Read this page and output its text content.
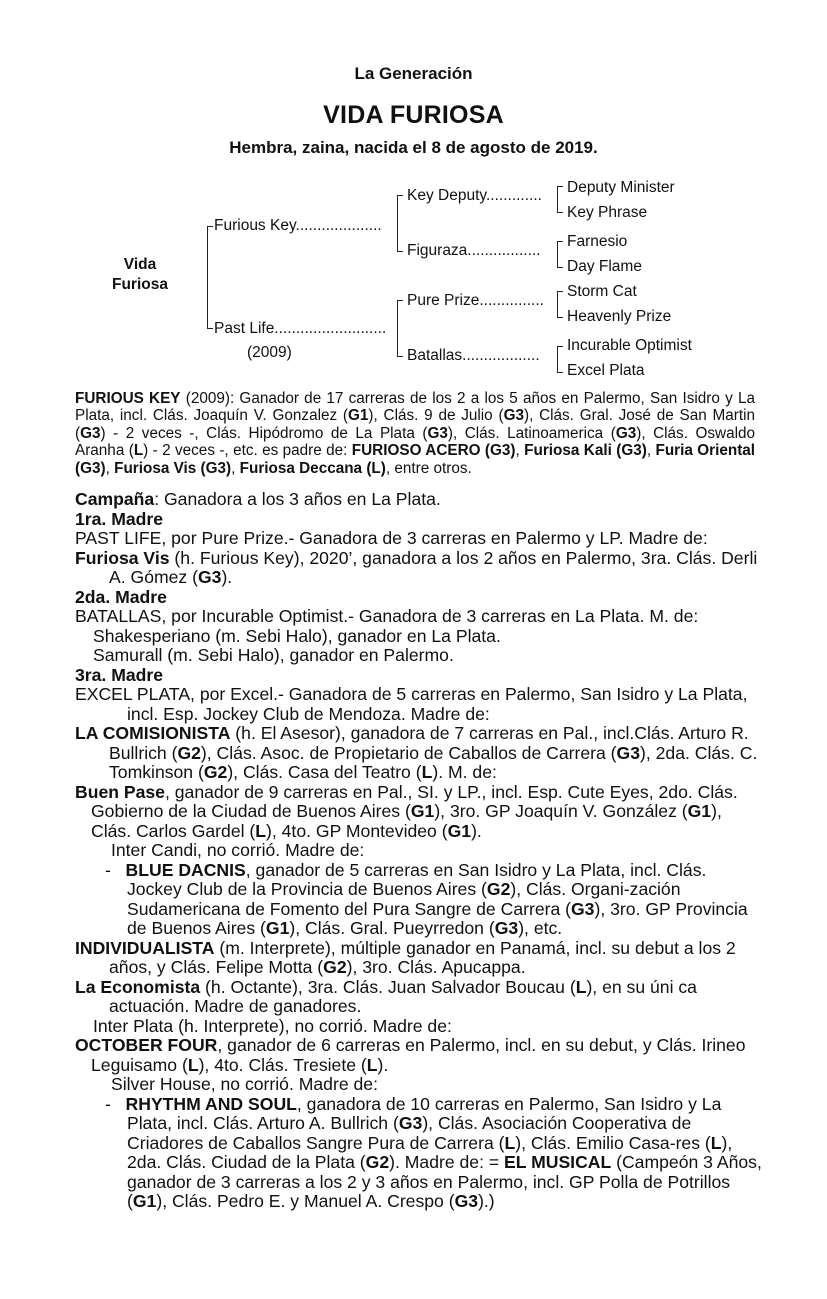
La Generación
VIDA FURIOSA
Hembra, zaina, nacida el 8 de agosto de 2019.
Vida
Furiosa
Furious Key....................
Past Life..........................
(2009)
Key Deputy.............
Figuraza.................
Pure Prize...............
Batallas..................
Deputy Minister
Key Phrase
Farnesio
Day Flame
Storm Cat
Heavenly Prize
Incurable Optimist
Excel Plata
FURIOUS KEY (2009): Ganador de 17 carreras de los 2 a los 5 años en Palermo, San Isidro y La Plata, incl. Clás. Joaquín V. Gonzalez (G1), Clás. 9 de Julio (G3), Clás. Gral. José de San Martin (G3) - 2 veces -, Clás. Hipódromo de La Plata (G3), Clás. Latinoamerica (G3), Clás. Oswaldo Aranha (L) - 2 veces -, etc. es padre de: FURIOSO ACERO (G3), Furiosa Kali (G3), Furia Oriental (G3), Furiosa Vis (G3), Furiosa Deccana (L), entre otros.

Campaña: Ganadora a los 3 años en La Plata.

1ra. Madre

PAST LIFE, por Pure Prize.- Ganadora de 3 carreras en Palermo y LP. Madre de:

Furiosa Vis (h. Furious Key), 2020’, ganadora a los 2 años en Palermo, 3ra. Clás. Derli A. Gómez (G3).

2da. Madre

BATALLAS, por Incurable Optimist.- Ganadora de 3 carreras en La Plata. M. de:

Shakesperiano (m. Sebi Halo), ganador en La Plata.

Samurall (m. Sebi Halo), ganador en Palermo.

3ra. Madre

EXCEL PLATA, por Excel.- Ganadora de 5 carreras en Palermo, San Isidro y La Plata, incl. Esp. Jockey Club de Mendoza. Madre de:

LA COMISIONISTA (h. El Asesor), ganadora de 7 carreras en Pal., incl.Clás. Arturo R. Bullrich (G2), Clás. Asoc. de Propietario de Caballos de Carrera (G3), 2da. Clás. C. Tomkinson (G2), Clás. Casa del Teatro (L). M. de:

Buen Pase, ganador de 9 carreras en Pal., SI. y LP., incl. Esp. Cute Eyes, 2do. Clás. Gobierno de la Ciudad de Buenos Aires (G1), 3ro. GP Joaquín V. González (G1), Clás. Carlos Gardel (L), 4to. GP Montevideo (G1).

Inter Candi, no corrió. Madre de:

- BLUE DACNIS, ganador de 5 carreras en San Isidro y La Plata, incl. Clás. Jockey Club de la Provincia de Buenos Aires (G2), Clás. Organi-zación Sudamericana de Fomento del Pura Sangre de Carrera (G3), 3ro. GP Provincia de Buenos Aires (G1), Clás. Gral. Pueyrredon (G3), etc.

INDIVIDUALISTA (m. Interprete), múltiple ganador en Panamá, incl. su debut a los 2 años, y Clás. Felipe Motta (G2), 3ro. Clás. Apucappa.

La Economista (h. Octante), 3ra. Clás. Juan Salvador Boucau (L), en su úni ca actuación. Madre de ganadores.

Inter Plata (h. Interprete), no corrió. Madre de:

OCTOBER FOUR, ganador de 6 carreras en Palermo, incl. en su debut, y Clás. Irineo Leguisamo (L), 4to. Clás. Tresiete (L).

Silver House, no corrió. Madre de:

- RHYTHM AND SOUL, ganadora de 10 carreras en Palermo, San Isidro y La Plata, incl. Clás. Arturo A. Bullrich (G3), Clás. Asociación Cooperativa de Criadores de Caballos Sangre Pura de Carrera (L), Clás. Emilio Casa-res (L), 2da. Clás. Ciudad de la Plata (G2). Madre de: = EL MUSICAL (Campeón 3 Años, ganador de 3 carreras a los 2 y 3 años en Palermo, incl. GP Polla de Potrillos (G1), Clás. Pedro E. y Manuel A. Crespo (G3).)
